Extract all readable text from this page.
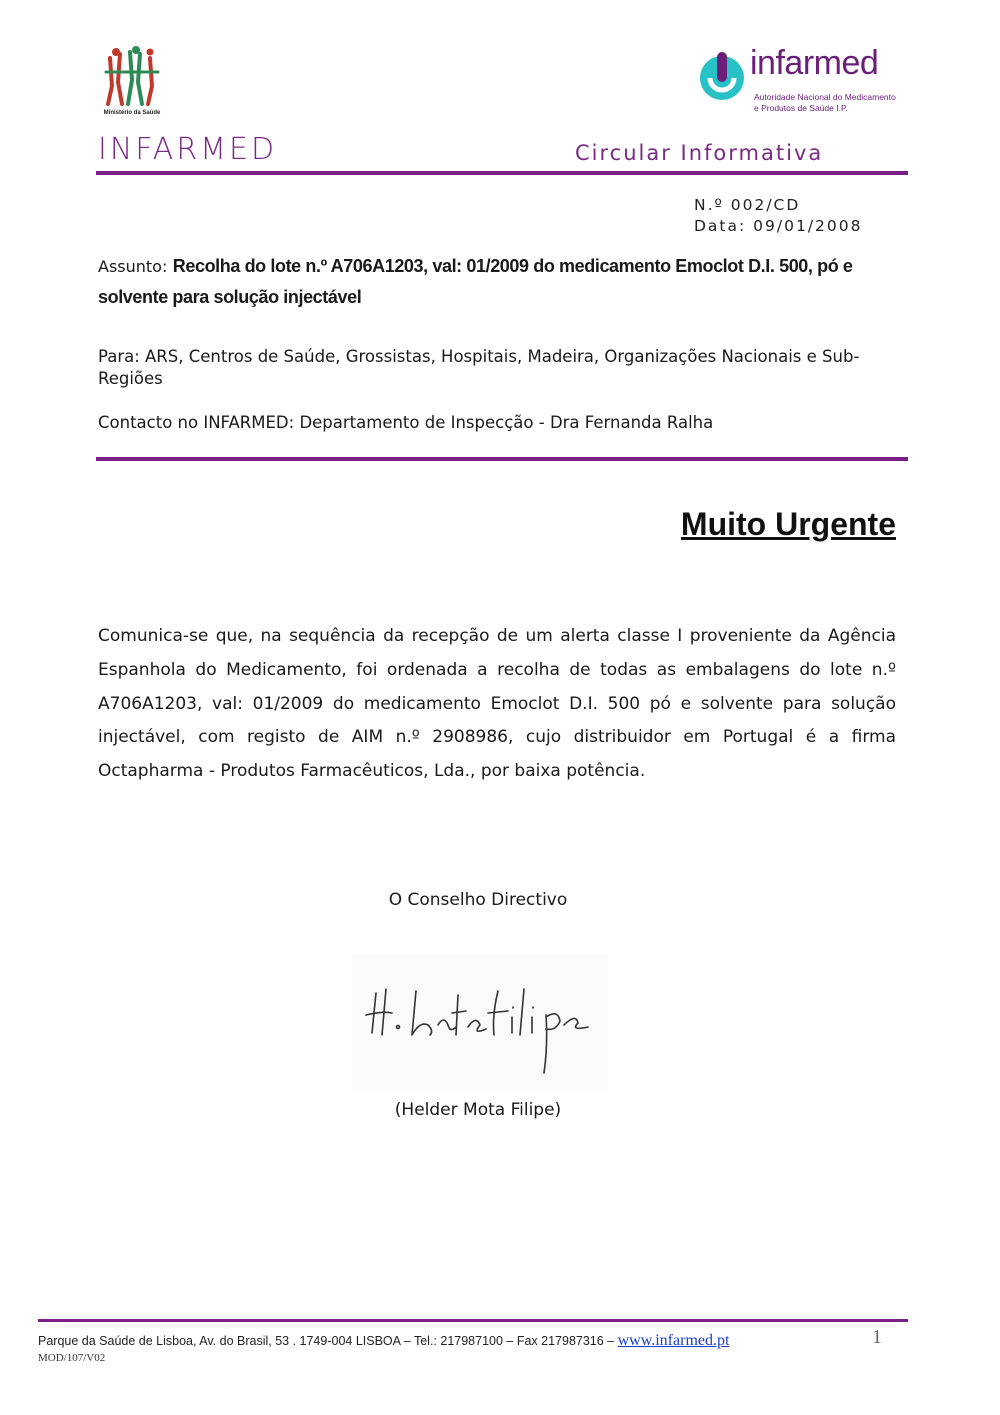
Ministério da Saúde
infarmed
Autoridade Nacional do Medicamento
e Produtos de Saúde I.P.
INFARMED	Circular Informativa
N.º 002/CD
Data: 09/01/2008
Assunto: Recolha do lote n.º A706A1203, val: 01/2009 do medicamento Emoclot D.I. 500, pó e solvente para solução injectável
Para: ARS, Centros de Saúde, Grossistas, Hospitais, Madeira, Organizações Nacionais e Sub-Regiões
Contacto no INFARMED: Departamento de Inspecção - Dra Fernanda Ralha
Muito Urgente
Comunica-se que, na sequência da recepção de um alerta classe I proveniente da Agência Espanhola do Medicamento, foi ordenada a recolha de todas as embalagens do lote n.º A706A1203, val: 01/2009 do medicamento Emoclot D.I. 500 pó e solvente para solução injectável, com registo de AIM n.º 2908986, cujo distribuidor em Portugal é a firma Octapharma - Produtos Farmacêuticos, Lda., por baixa potência.
O Conselho Directivo
(Helder Mota Filipe)
Parque da Saúde de Lisboa, Av. do Brasil, 53 . 1749-004 LISBOA – Tel.: 217987100 – Fax 217987316 – www.infarmed.pt
MOD/107/V02
1
